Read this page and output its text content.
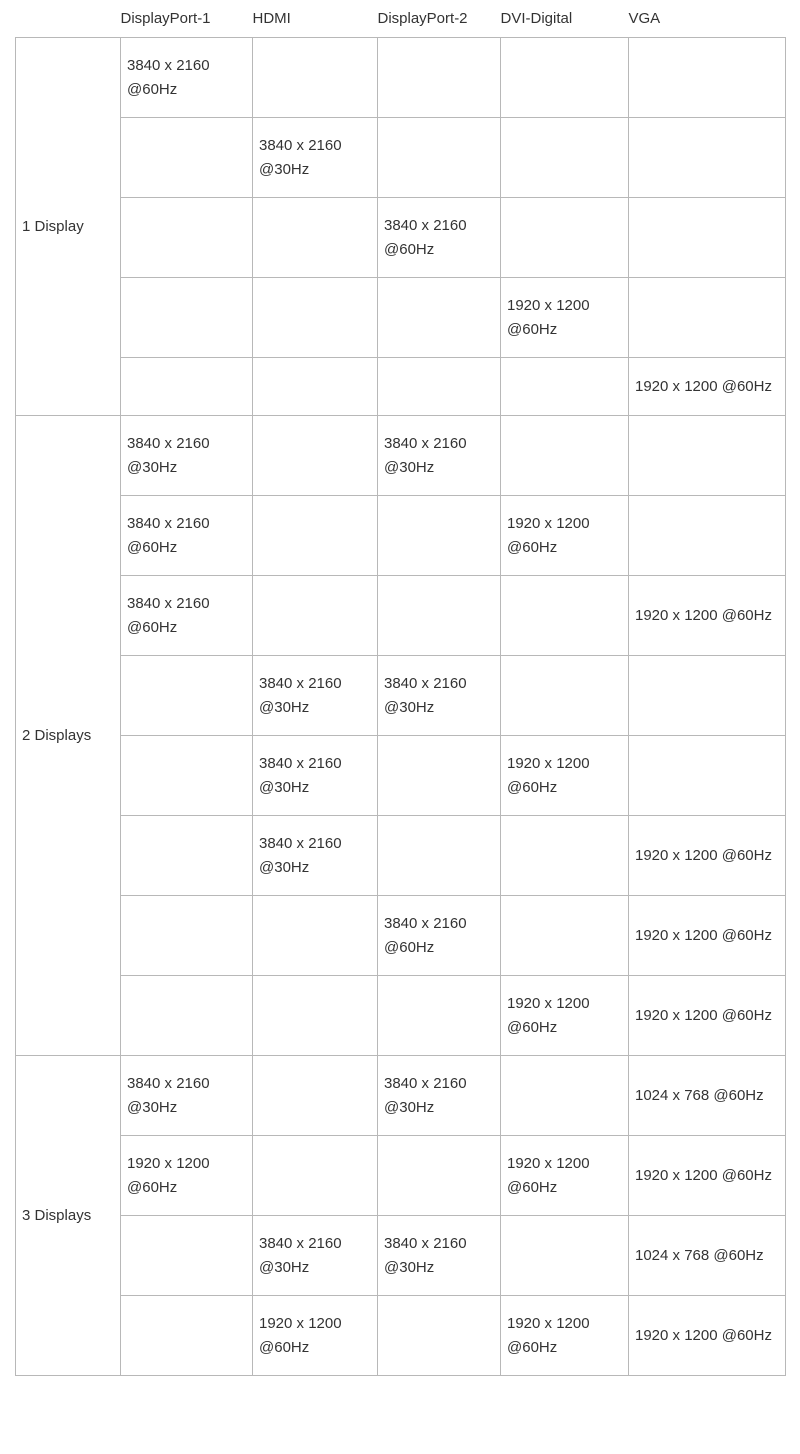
	DisplayPort-1	HDMI	DisplayPort-2	DVI-Digital	VGA

1 Display	3840 x 2160 @60Hz				

		3840 x 2160 @30Hz			

			3840 x 2160 @60Hz		

				1920 x 1200 @60Hz	

					1920 x 1200 @60Hz

2 Displays	3840 x 2160 @30Hz		3840 x 2160 @30Hz		

	3840 x 2160 @60Hz			1920 x 1200 @60Hz	

	3840 x 2160 @60Hz				1920 x 1200 @60Hz

		3840 x 2160 @30Hz	3840 x 2160 @30Hz		

		3840 x 2160 @30Hz		1920 x 1200 @60Hz	

		3840 x 2160 @30Hz			1920 x 1200 @60Hz

			3840 x 2160 @60Hz		1920 x 1200 @60Hz

				1920 x 1200 @60Hz	1920 x 1200 @60Hz

3 Displays	3840 x 2160 @30Hz		3840 x 2160 @30Hz		1024 x 768 @60Hz

	1920 x 1200 @60Hz			1920 x 1200 @60Hz	1920 x 1200 @60Hz

		3840 x 2160 @30Hz	3840 x 2160 @30Hz		1024 x 768 @60Hz

		1920 x 1200 @60Hz		1920 x 1200 @60Hz	1920 x 1200 @60Hz
